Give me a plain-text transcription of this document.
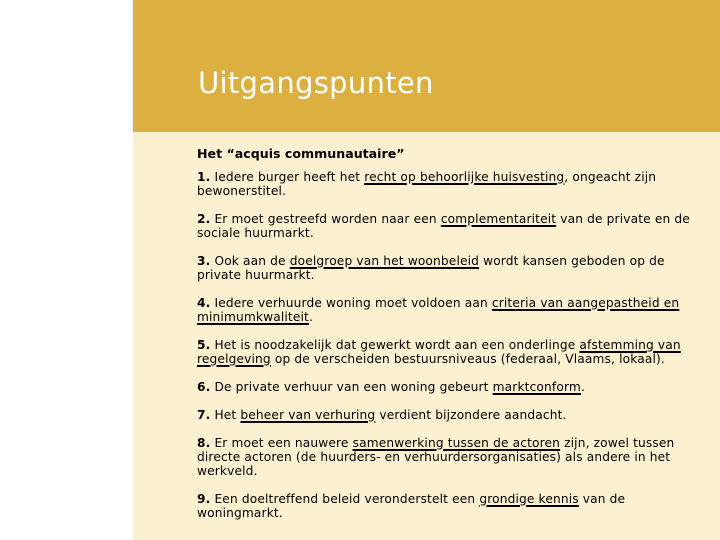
Uitgangspunten

Het “acquis communautaire”

1. Iedere burger heeft het recht op behoorlijke huisvesting, ongeacht zijn bewonerstitel.

2. Er moet gestreefd worden naar een complementariteit van de private en de sociale huurmarkt.

3. Ook aan de doelgroep van het woonbeleid wordt kansen geboden op de private huurmarkt.

4. Iedere verhuurde woning moet voldoen aan criteria van aangepastheid en minimumkwaliteit.

5. Het is noodzakelijk dat gewerkt wordt aan een onderlinge afstemming van regelgeving op de verscheiden bestuursniveaus (federaal, Vlaams, lokaal).

6. De private verhuur van een woning gebeurt marktconform.

7. Het beheer van verhuring verdient bijzondere aandacht.

8. Er moet een nauwere samenwerking tussen de actoren zijn, zowel tussen directe actoren (de huurders- en verhuurdersorganisaties) als andere in het werkveld.

9. Een doeltreffend beleid veronderstelt een grondige kennis van de woningmarkt.
